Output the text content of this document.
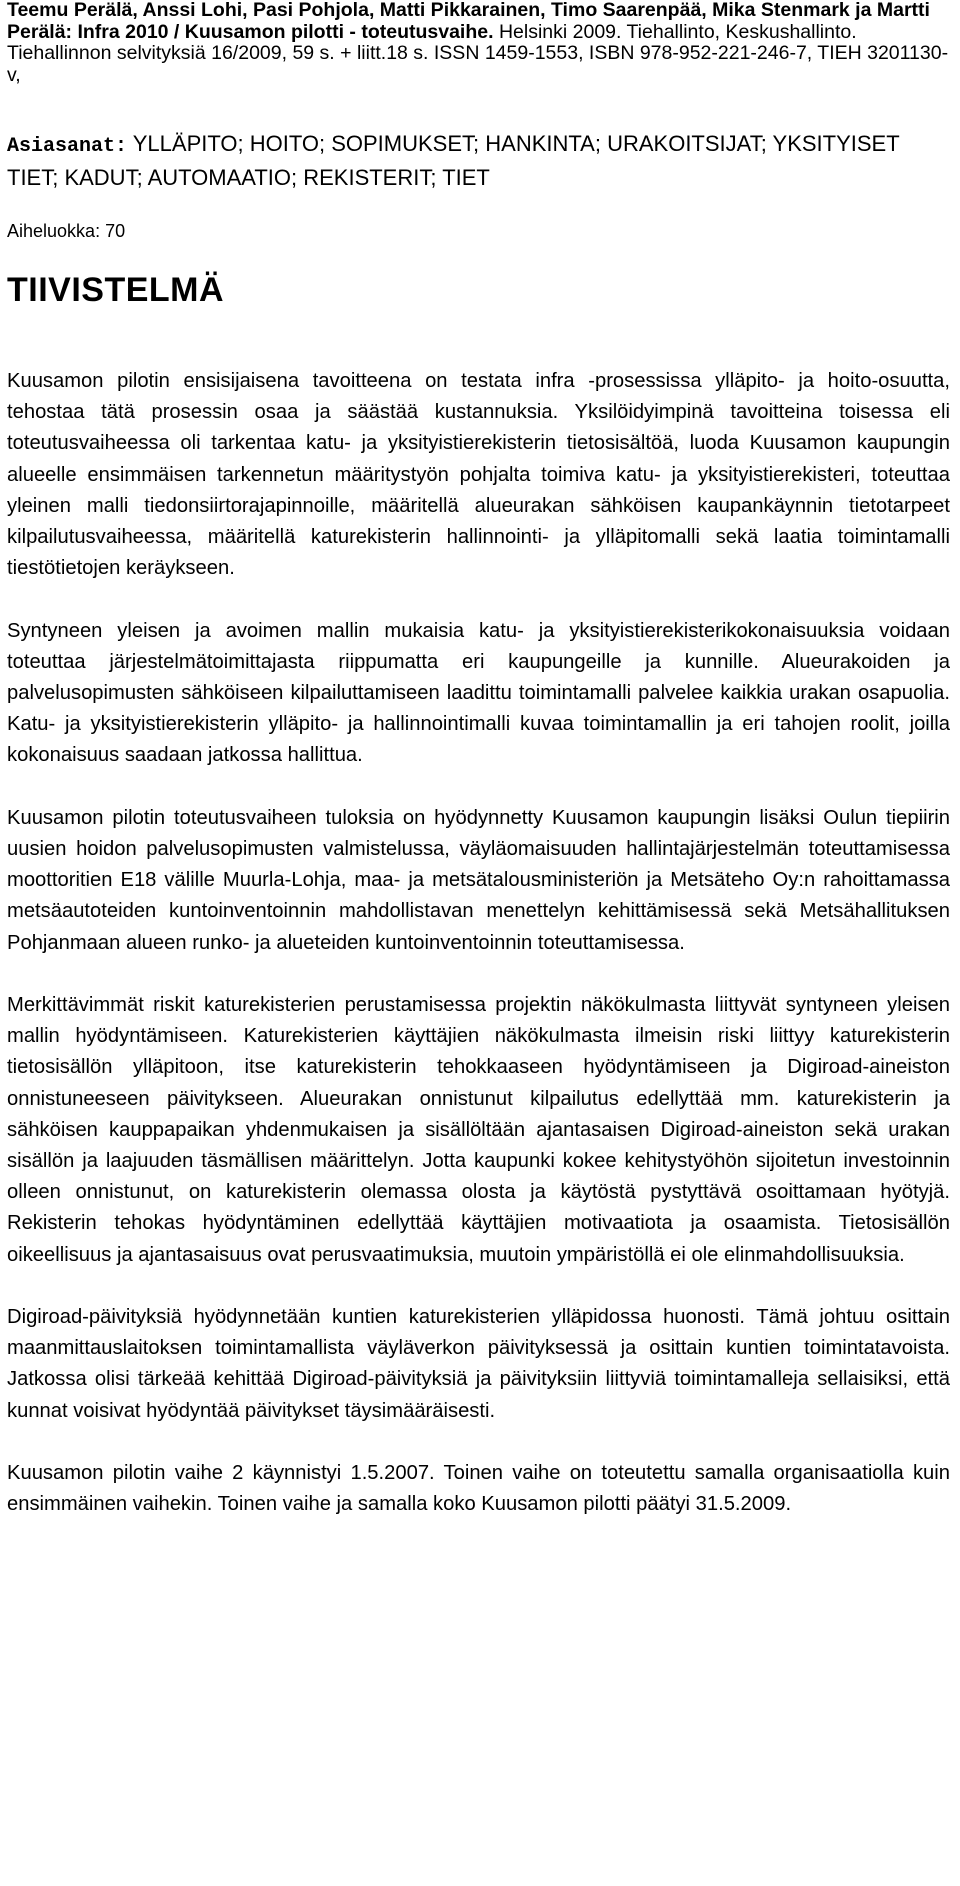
Teemu Perälä, Anssi Lohi, Pasi Pohjola, Matti Pikkarainen, Timo Saarenpää, Mika Stenmark ja Martti Perälä: Infra 2010 / Kuusamon pilotti - toteutusvaihe. Helsinki 2009. Tiehallinto, Keskushallinto. Tiehallinnon selvityksiä 16/2009, 59 s. + liitt.18 s. ISSN 1459-1553, ISBN 978-952-221-246-7, TIEH 3201130-v,
Asiasanat: YLLÄPITO; HOITO; SOPIMUKSET; HANKINTA; URAKOITSIJAT; YKSITYISET TIET; KADUT; AUTOMAATIO; REKISTERIT; TIET
Aiheluokka: 70
TIIVISTELMÄ

Kuusamon pilotin ensisijaisena tavoitteena on testata infra -prosessissa ylläpito- ja hoito-osuutta, tehostaa tätä prosessin osaa ja säästää kustannuksia. Yksilöidyimpinä tavoitteina toisessa eli toteutusvaiheessa oli tarkentaa katu- ja yksityistierekisterin tietosisältöä, luoda Kuusamon kaupungin alueelle ensimmäisen tarkennetun määritystyön pohjalta toimiva katu- ja yksityistierekisteri, toteuttaa yleinen malli tiedonsiirtorajapinnoille, määritellä alueurakan sähköisen kaupankäynnin tietotarpeet kilpailutusvaiheessa, määritellä katurekisterin hallinnointi- ja ylläpitomalli sekä laatia toimintamalli tiestötietojen keräykseen.

Syntyneen yleisen ja avoimen mallin mukaisia katu- ja yksityistierekisterikokonaisuuksia voidaan toteuttaa järjestelmätoimittajasta riippumatta eri kaupungeille ja kunnille. Alueurakoiden ja palvelusopimusten sähköiseen kilpailuttamiseen laadittu toimintamalli palvelee kaikkia urakan osapuolia. Katu- ja yksityistierekisterin ylläpito- ja hallinnointimalli kuvaa toimintamallin ja eri tahojen roolit, joilla kokonaisuus saadaan jatkossa hallittua.

Kuusamon pilotin toteutusvaiheen tuloksia on hyödynnetty Kuusamon kaupungin lisäksi Oulun tiepiirin uusien hoidon palvelusopimusten valmistelussa, väyläomaisuuden hallintajärjestelmän toteuttamisessa moottoritien E18 välille Muurla-Lohja, maa- ja metsätalousministeriön ja Metsäteho Oy:n rahoittamassa metsäautoteiden kuntoinventoinnin mahdollistavan menettelyn kehittämisessä sekä Metsähallituksen Pohjanmaan alueen runko- ja alueteiden kuntoinventoinnin toteuttamisessa.

Merkittävimmät riskit katurekisterien perustamisessa projektin näkökulmasta liittyvät syntyneen yleisen mallin hyödyntämiseen. Katurekisterien käyttäjien näkökulmasta ilmeisin riski liittyy katurekisterin tietosisällön ylläpitoon, itse katurekisterin tehokkaaseen hyödyntämiseen ja Digiroad-aineiston onnistuneeseen päivitykseen. Alueurakan onnistunut kilpailutus edellyttää mm. katurekisterin ja sähköisen kauppapaikan yhdenmukaisen ja sisällöltään ajantasaisen Digiroad-aineiston sekä urakan sisällön ja laajuuden täsmällisen määrittelyn. Jotta kaupunki kokee kehitystyöhön sijoitetun investoinnin olleen onnistunut, on katurekisterin olemassa olosta ja käytöstä pystyttävä osoittamaan hyötyjä. Rekisterin tehokas hyödyntäminen edellyttää käyttäjien motivaatiota ja osaamista. Tietosisällön oikeellisuus ja ajantasaisuus ovat perusvaatimuksia, muutoin ympäristöllä ei ole elinmahdollisuuksia.

Digiroad-päivityksiä hyödynnetään kuntien katurekisterien ylläpidossa huonosti. Tämä johtuu osittain maanmittauslaitoksen toimintamallista väyläverkon päivityksessä ja osittain kuntien toimintatavoista. Jatkossa olisi tärkeää kehittää Digiroad-päivityksiä ja päivityksiin liittyviä toimintamalleja sellaisiksi, että kunnat voisivat hyödyntää päivitykset täysimääräisesti.

Kuusamon pilotin vaihe 2 käynnistyi 1.5.2007. Toinen vaihe on toteutettu samalla organisaatiolla kuin ensimmäinen vaihekin. Toinen vaihe ja samalla koko Kuusamon pilotti päätyi 31.5.2009.
